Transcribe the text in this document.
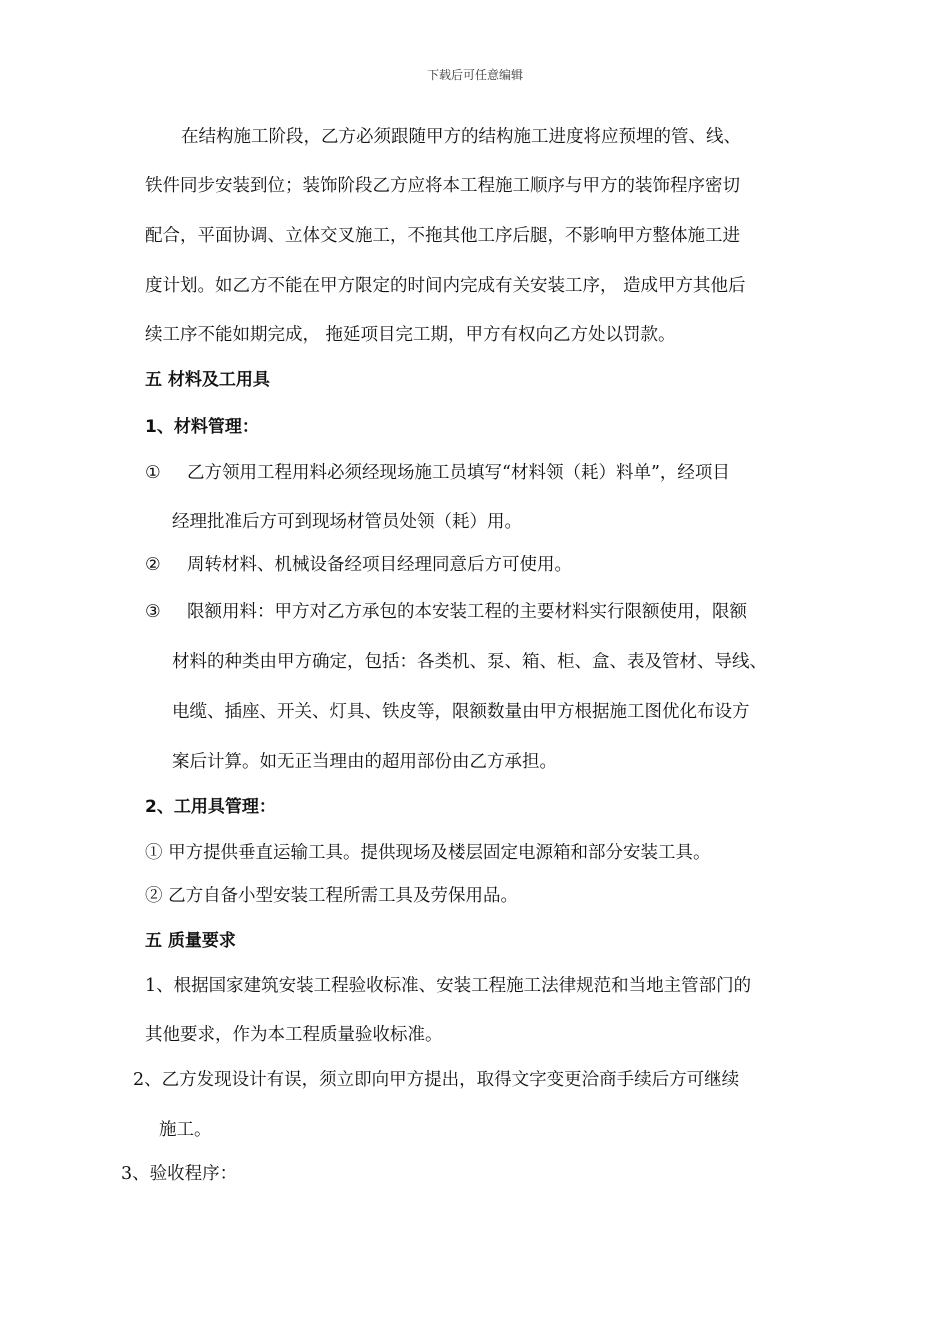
下载后可任意编辑
在结构施工阶段，乙方必须跟随甲方的结构施工进度将应预埋的管、线、
铁件同步安装到位；装饰阶段乙方应将本工程施工顺序与甲方的装饰程序密切
配合，平面协调、立体交叉施工，不拖其他工序后腿，不影响甲方整体施工进
度计划。如乙方不能在甲方限定的时间内完成有关安装工序， 造成甲方其他后
续工序不能如期完成， 拖延项目完工期，甲方有权向乙方处以罚款。
五 材料及工用具
1、材料管理：
① 乙方领用工程用料必须经现场施工员填写“材料领（耗）料单”，经项目
经理批准后方可到现场材管员处领（耗）用。
② 周转材料、机械设备经项目经理同意后方可使用。
③ 限额用料：甲方对乙方承包的本安装工程的主要材料实行限额使用，限额
材料的种类由甲方确定，包括：各类机、泵、箱、柜、盒、表及管材、导线、
电缆、插座、开关、灯具、铁皮等，限额数量由甲方根据施工图优化布设方
案后计算。如无正当理由的超用部份由乙方承担。
2、工用具管理：
① 甲方提供垂直运输工具。提供现场及楼层固定电源箱和部分安装工具。
② 乙方自备小型安装工程所需工具及劳保用品。
五 质量要求
1、根据国家建筑安装工程验收标准、安装工程施工法律规范和当地主管部门的
其他要求，作为本工程质量验收标准。
2、乙方发现设计有误，须立即向甲方提出，取得文字变更洽商手续后方可继续
施工。
3、验收程序：
